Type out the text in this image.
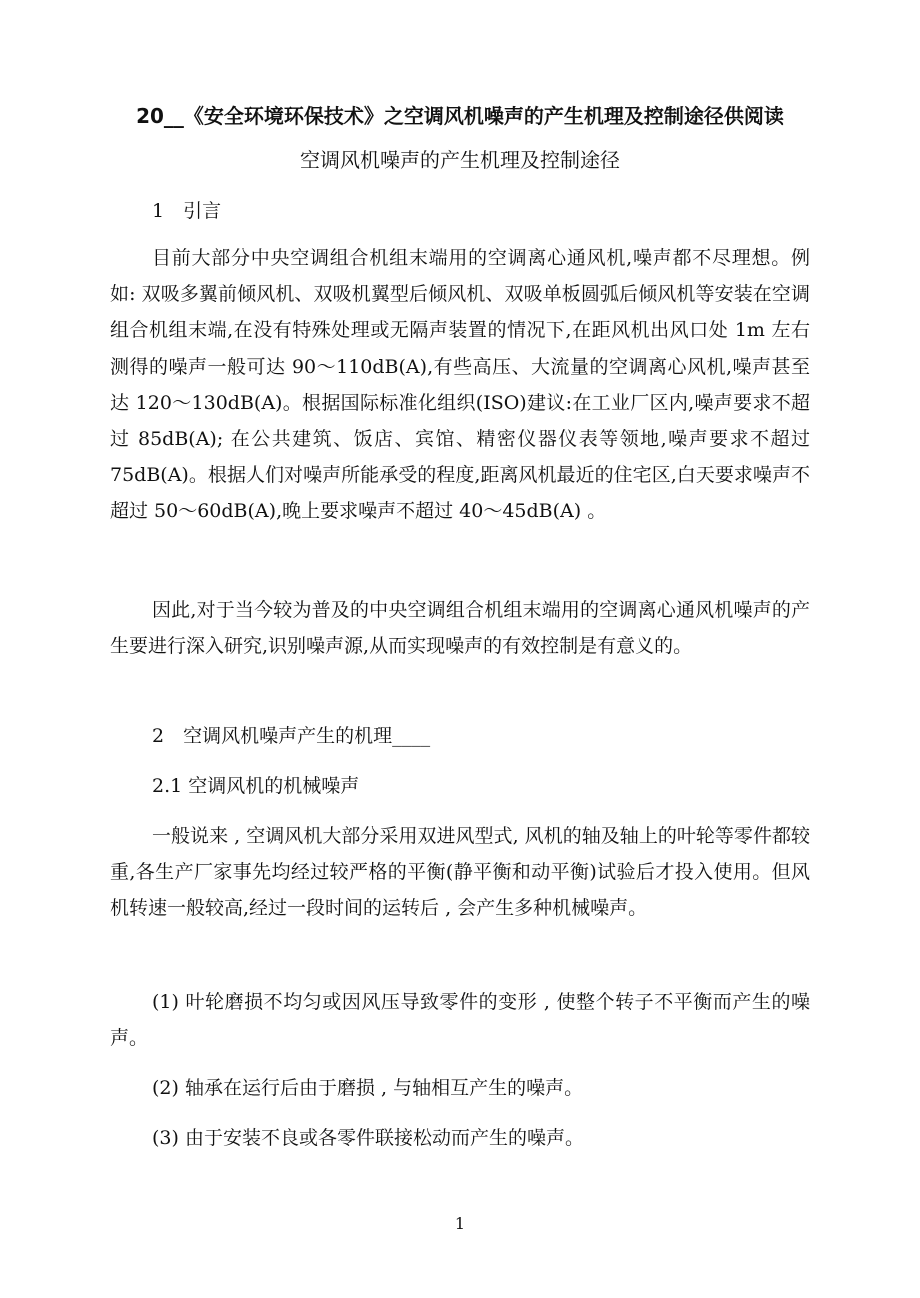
20__《安全环境环保技术》之空调风机噪声的产生机理及控制途径供阅读
空调风机噪声的产生机理及控制途径
1　引言

目前大部分中央空调组合机组末端用的空调离心通风机,噪声都不尽理想。例如: 双吸多翼前倾风机、双吸机翼型后倾风机、双吸单板圆弧后倾风机等安装在空调组合机组末端,在没有特殊处理或无隔声装置的情况下,在距风机出风口处 1m 左右测得的噪声一般可达 90～110dB(A),有些高压、大流量的空调离心风机,噪声甚至达 120～130dB(A)。根据国际标准化组织(ISO)建议:在工业厂区内,噪声要求不超过 85dB(A); 在公共建筑、饭店、宾馆、精密仪器仪表等领地,噪声要求不超过 75dB(A)。根据人们对噪声所能承受的程度,距离风机最近的住宅区,白天要求噪声不超过 50～60dB(A),晚上要求噪声不超过 40～45dB(A) 。

因此,对于当今较为普及的中央空调组合机组末端用的空调离心通风机噪声的产生要进行深入研究,识别噪声源,从而实现噪声的有效控制是有意义的。

2　空调风机噪声产生的机理____
2.1 空调风机的机械噪声

一般说来 , 空调风机大部分采用双进风型式, 风机的轴及轴上的叶轮等零件都较重,各生产厂家事先均经过较严格的平衡(静平衡和动平衡)试验后才投入使用。但风机转速一般较高,经过一段时间的运转后 , 会产生多种机械噪声。

(1) 叶轮磨损不均匀或因风压导致零件的变形 , 使整个转子不平衡而产生的噪声。

(2) 轴承在运行后由于磨损 , 与轴相互产生的噪声。

(3) 由于安装不良或各零件联接松动而产生的噪声。

1
